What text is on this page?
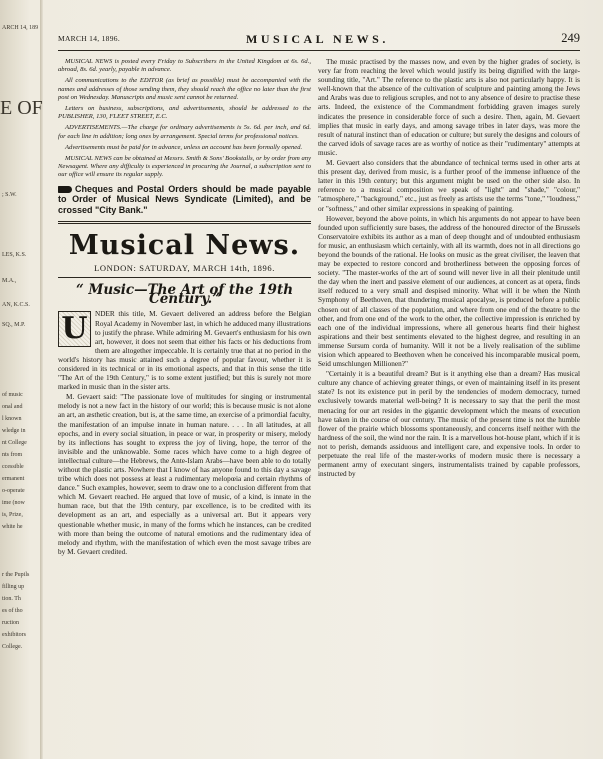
ARCH 14, 189
E OF
; S.W.
LES, K.S.
M.A.,
AN, K.C.S.
SQ., M.P.
of music
onal and
l known
wledge in
nt College
nts from
ccessible
ermanent
o-operate
ime (now
is, Prize,
white he
r the Pupils
filling up
tion. Th
es of tho
ruction
exhibitors
College.
MARCH 14, 1896.	MUSICAL NEWS.	249

MUSICAL NEWS is posted every Friday to Subscribers in the United Kingdom at 6s. 6d., abroad, 8s. 6d. yearly, payable in advance.

All communications to the EDITOR (as brief as possible) must be accompanied with the names and addresses of those sending them, they should reach the office no later than the first post on Wednesday. Manuscripts and music sent cannot be returned.

Letters on business, subscriptions, and advertisements, should be addressed to the PUBLISHER, 130, FLEET STREET, E.C.

ADVERTISEMENTS.—The charge for ordinary advertisements is 5s. 6d. per inch, and 6d. for each line in addition; long ones by arrangement. Special terms for professional notices.

Advertisements must be paid for in advance, unless an account has been formally opened.

MUSICAL NEWS can be obtained at Messrs. Smith & Sons' Bookstalls, or by order from any Newsagent. Where any difficulty is experienced in procuring the Journal, a subscription sent to our office will ensure its regular supply.

Cheques and Postal Orders should be made payable to Order of Musical News Syndicate (Limited), and be crossed "City Bank."

Musical News.
LONDON: SATURDAY, MARCH 14th, 1896.
“ Music—The Art of the 19th Century.”
U	NDER this title, M. Gevaert delivered an address before the Belgian Royal Academy in November last, in which he adduced many illustrations to justify the phrase. While admiring M. Gevaert's enthusiasm for his own art, however, it does not seem that either his facts or his deductions from them are altogether impeccable. It is certainly true that at no period in the world's history has music attained such a degree of popular favour, whether it is considered in its technical or in its emotional aspects, and that in this sense the title "The Art of the 19th Century," is to some extent justified; but this is surely not more marked in music than in the sister arts.

M. Gevaert said: "The passionate love of multitudes for singing or instrumental melody is not a new fact in the history of our world; this is because music is not alone an art, an æsthetic creation, but is, at the same time, an exercise of a primordial faculty, the manifestation of an impulse innate in human nature. . . . In all latitudes, at all epochs, and in every social situation, in peace or war, in prosperity or misery, melody by its inflections has sought to express the joy of living, hope, the terror of the invisible and the unknowable. Some races which have come to a high degree of intellectual culture—the Hebrews, the Ante-Islam Arabs—have been able to do totally without the plastic arts. Nowhere that I know of has anyone found to this day a savage tribe which does not possess at least a rudimentary melopœia and certain rhythms of dance." Such examples, however, seem to draw one to a conclusion different from that which M. Gevaert reached. He argued that love of music, of a kind, is innate in the human race, but that the 19th century, par excellence, is to be credited with its development as an art, and especially as a universal art. But it appears very questionable whether music, in many of the forms which he instances, can be credited with more than being the outcome of natural emotions and the rudimentary idea of melody and rhythm, with the manifestation of which even the most savage tribes are by M. Gevaert credited.

The music practised by the masses now, and even by the higher grades of society, is very far from reaching the level which would justify its being dignified with the large-sounding title, "Art." The reference to the plastic arts is also not particularly happy. It is well-known that the absence of the cultivation of sculpture and painting among the Jews and Arabs was due to religious scruples, and not to any absence of desire to practise these arts. Indeed, the existence of the Commandment forbidding graven images surely indicates the presence in considerable force of such a desire. Then, again, M. Gevaert implies that music in early days, and among savage tribes in later days, was more the result of natural instinct than of education or culture; but surely the designs and colours of the carved idols of savage races are as worthy of notice as their "rudimentary" attempts at music.

M. Gevaert also considers that the abundance of technical terms used in other arts at this present day, derived from music, is a further proof of the immense influence of the latter in this 19th century; but this argument might be used on the other side also. In reference to a musical composition we speak of "light" and "shade," "colour," "atmosphere," "background," etc., just as freely as artists use the terms "tone," "loudness," or "softness," and other similar expressions in speaking of painting.

However, beyond the above points, in which his arguments do not appear to have been founded upon sufficiently sure bases, the address of the honoured director of the Brussels Conservatoire exhibits its author as a man of deep thought and of undoubted enthusiasm for music, an enthusiasm which certainly, with all its warmth, does not in all directions go beyond the bounds of the rational. He looks on music as the great civiliser, the leaven that may be expected to restore concord and brotherliness between the opposing forces of society. "The master-works of the art of sound will never live in all their plenitude until the day when the inert and passive element of our audiences, at concert as at opera, finds itself reduced to a very small and despised minority. What will it be when the Ninth Symphony of Beethoven, that thundering musical apocalyse, is produced before a public chosen out of all classes of the population, and where from one end of the theatre to the other, and from one end of the work to the other, the collective impression is enriched by each one of the individual impressions, where all generous hearts find their highest aspirations and their best sentiments elevated to the highest degree, and resulting in an immense Sursum corda of humanity. Will it not be a lively realisation of the sublime vision which appeared to Beethoven when he conceived his incomparable musical poem, Seid umschlungen Millionen?"

"Certainly it is a beautiful dream? But is it anything else than a dream? Has musical culture any chance of achieving greater things, or even of maintaining itself in its present state? Is not its existence put in peril by the tendencies of modern democracy, turned exclusively towards material well-being? It is necessary to say that the peril the most menacing for our art resides in the gigantic development which the means of execution have taken in the course of our century. The music of the present time is not the humble flower of the prairie which blossoms spontaneously, and concerns itself neither with the hardness of the soil, the wind nor the rain. It is a marvellous hot-house plant, which if it is not to perish, demands assiduous and intelligent care, and expensive tools. In order to perpetuate the real life of the master-works of modern music there is necessary a permanent army of executant singers, instrumentalists trained by capable professors, instructed by
